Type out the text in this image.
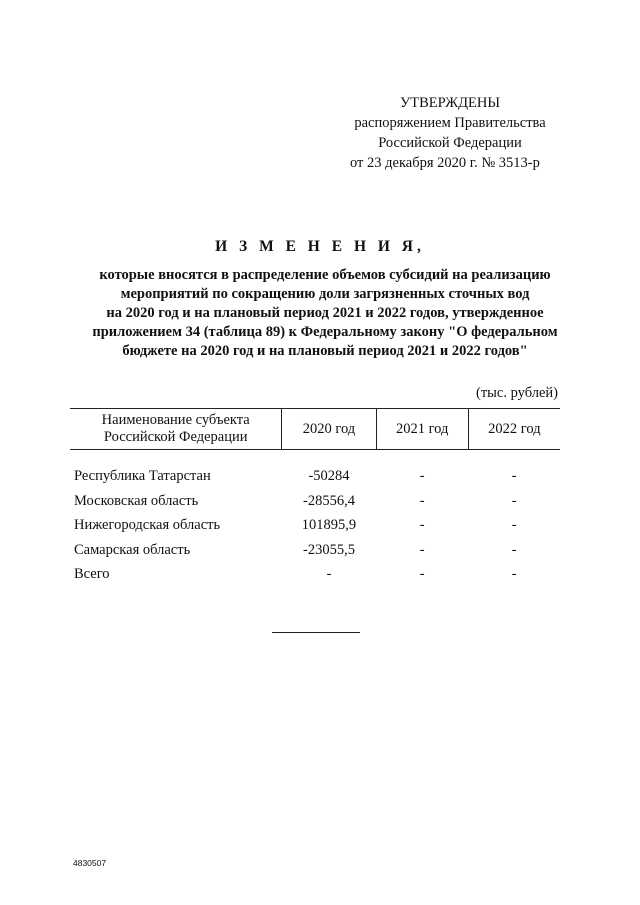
УТВЕРЖДЕНЫ
распоряжением Правительства
Российской Федерации
от 23 декабря 2020 г. № 3513-р
И З М Е Н Е Н И Я,
которые вносятся в распределение объемов субсидий на реализацию
мероприятий по сокращению доли загрязненных сточных вод
на 2020 год и на плановый период 2021 и 2022 годов, утвержденное
приложением 34 (таблица 89) к Федеральному закону "О федеральном
бюджете на 2020 год и на плановый период 2021 и 2022 годов"
(тыс. рублей)
Наименование субъекта
Российской Федерации	2020 год	2021 год	2022 год

Республика Татарстан	-50284	-	-
Московская область	-28556,4	-	-
Нижегородская область	101895,9	-	-
Самарская область	-23055,5	-	-
Всего	-	-	-
4830507
